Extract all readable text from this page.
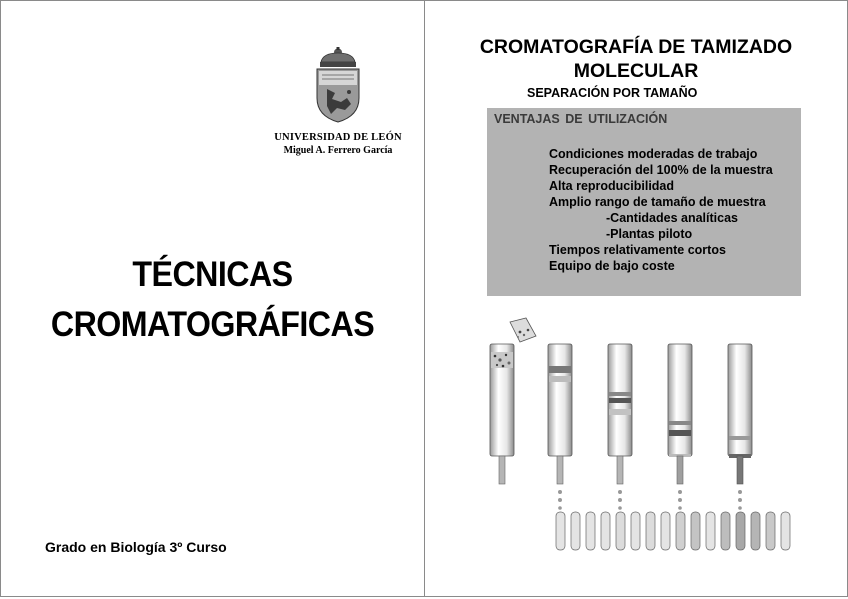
UNIVERSIDAD DE LEÓN
Miguel A. Ferrero García
TÉCNICAS
CROMATOGRÁFICAS
Grado en Biología 3º Curso
CROMATOGRAFÍA DE TAMIZADO
MOLECULAR
SEPARACIÓN POR TAMAÑO
VENTAJAS DE UTILIZACIÓN
Condiciones moderadas de trabajo
Recuperación del 100% de la muestra
Alta reproducibilidad
Amplio rango de tamaño de muestra
-Cantidades analíticas
-Plantas piloto
Tiempos relativamente cortos
Equipo de bajo coste
